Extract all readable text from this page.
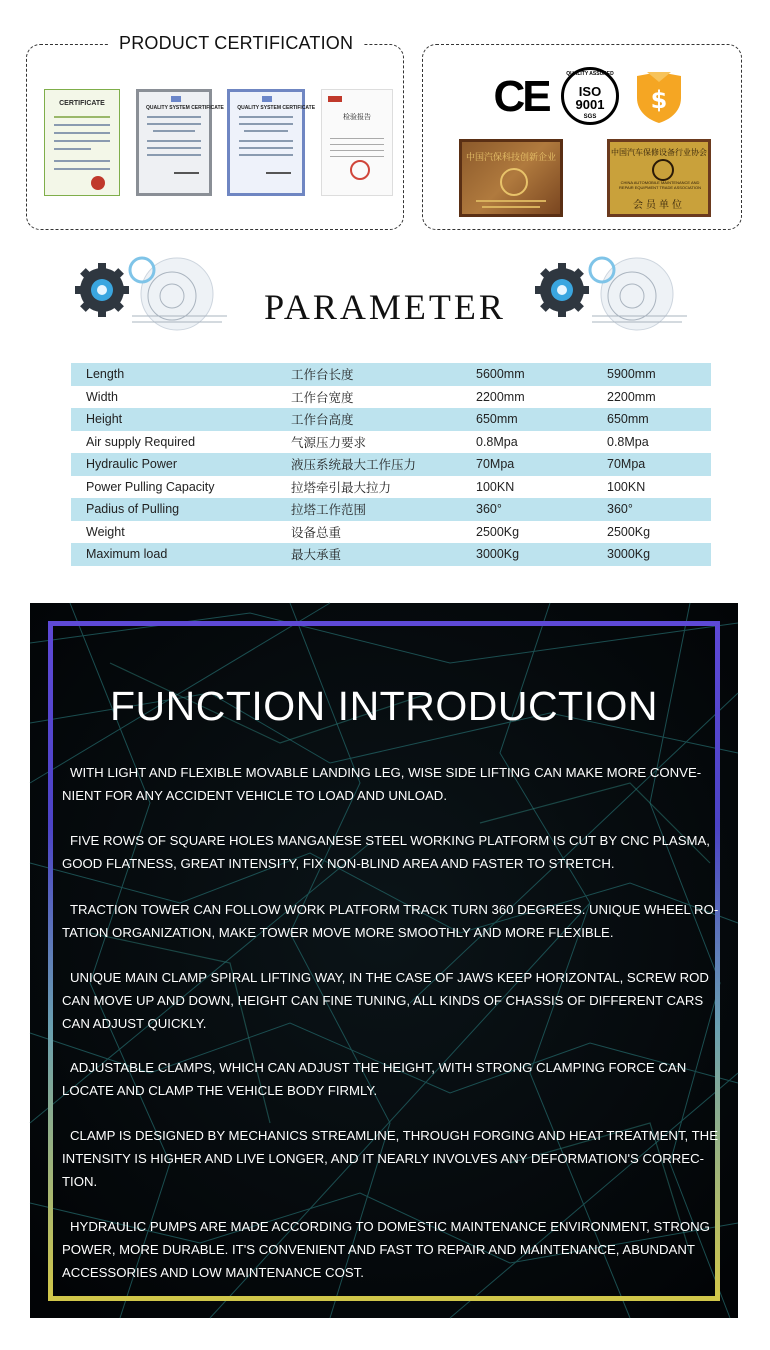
PRODUCT CERTIFICATION
CERTIFICATE
QUALITY SYSTEM CERTIFICATE	QUALITY SYSTEM CERTIFICATE
检验报告	CE	QUALITY ASSURED
ISO
9001
SGS
$
中国汽保科技创新企业	中国汽车保修设备行业协会
CHINA AUTOMOBILE MAINTENANCE AND REPAIR EQUIPMENT TRADE ASSOCIATION
会员单位
PARAMETER
Length	工作台长度	5600mm	5900mm
Width	工作台宽度	2200mm	2200mm
Height	工作台高度	650mm	650mm
Air supply Required	气源压力要求	0.8Mpa	0.8Mpa
Hydraulic Power	液压系统最大工作压力	70Mpa	70Mpa
Power Pulling Capacity	拉塔牵引最大拉力	100KN	100KN
Padius of Pulling	拉塔工作范围	360°	360°
Weight	设备总重	2500Kg	2500Kg
Maximum load	最大承重	3000Kg	3000Kg
FUNCTION INTRODUCTION
WITH LIGHT AND FLEXIBLE MOVABLE LANDING LEG, WISE SIDE LIFTING CAN MAKE MORE CONVE-NIENT FOR ANY ACCIDENT VEHICLE TO LOAD AND UNLOAD.
FIVE ROWS OF SQUARE HOLES MANGANESE STEEL WORKING PLATFORM IS CUT BY CNC PLASMA, GOOD FLATNESS, GREAT INTENSITY, FIX NON-BLIND AREA AND FASTER TO STRETCH.
TRACTION TOWER CAN FOLLOW WORK PLATFORM TRACK TURN 360 DEGREES. UNIQUE WHEEL RO-TATION ORGANIZATION, MAKE TOWER MOVE MORE SMOOTHLY AND MORE FLEXIBLE.
UNIQUE MAIN CLAMP SPIRAL LIFTING WAY, IN THE CASE OF JAWS KEEP HORIZONTAL, SCREW ROD CAN MOVE UP AND DOWN, HEIGHT CAN FINE TUNING, ALL KINDS OF CHASSIS OF DIFFERENT CARS CAN ADJUST QUICKLY.
ADJUSTABLE CLAMPS, WHICH CAN ADJUST THE HEIGHT, WITH STRONG CLAMPING FORCE CAN LOCATE AND CLAMP THE VEHICLE BODY FIRMLY.
CLAMP IS DESIGNED BY MECHANICS STREAMLINE, THROUGH FORGING AND HEAT TREATMENT, THE INTENSITY IS HIGHER AND LIVE LONGER, AND IT NEARLY INVOLVES ANY DEFORMATION'S CORREC-TION.
HYDRAULIC PUMPS ARE MADE ACCORDING TO DOMESTIC MAINTENANCE ENVIRONMENT, STRONG POWER, MORE DURABLE. IT'S CONVENIENT AND FAST TO REPAIR AND MAINTENANCE, ABUNDANT ACCESSORIES AND LOW MAINTENANCE COST.
